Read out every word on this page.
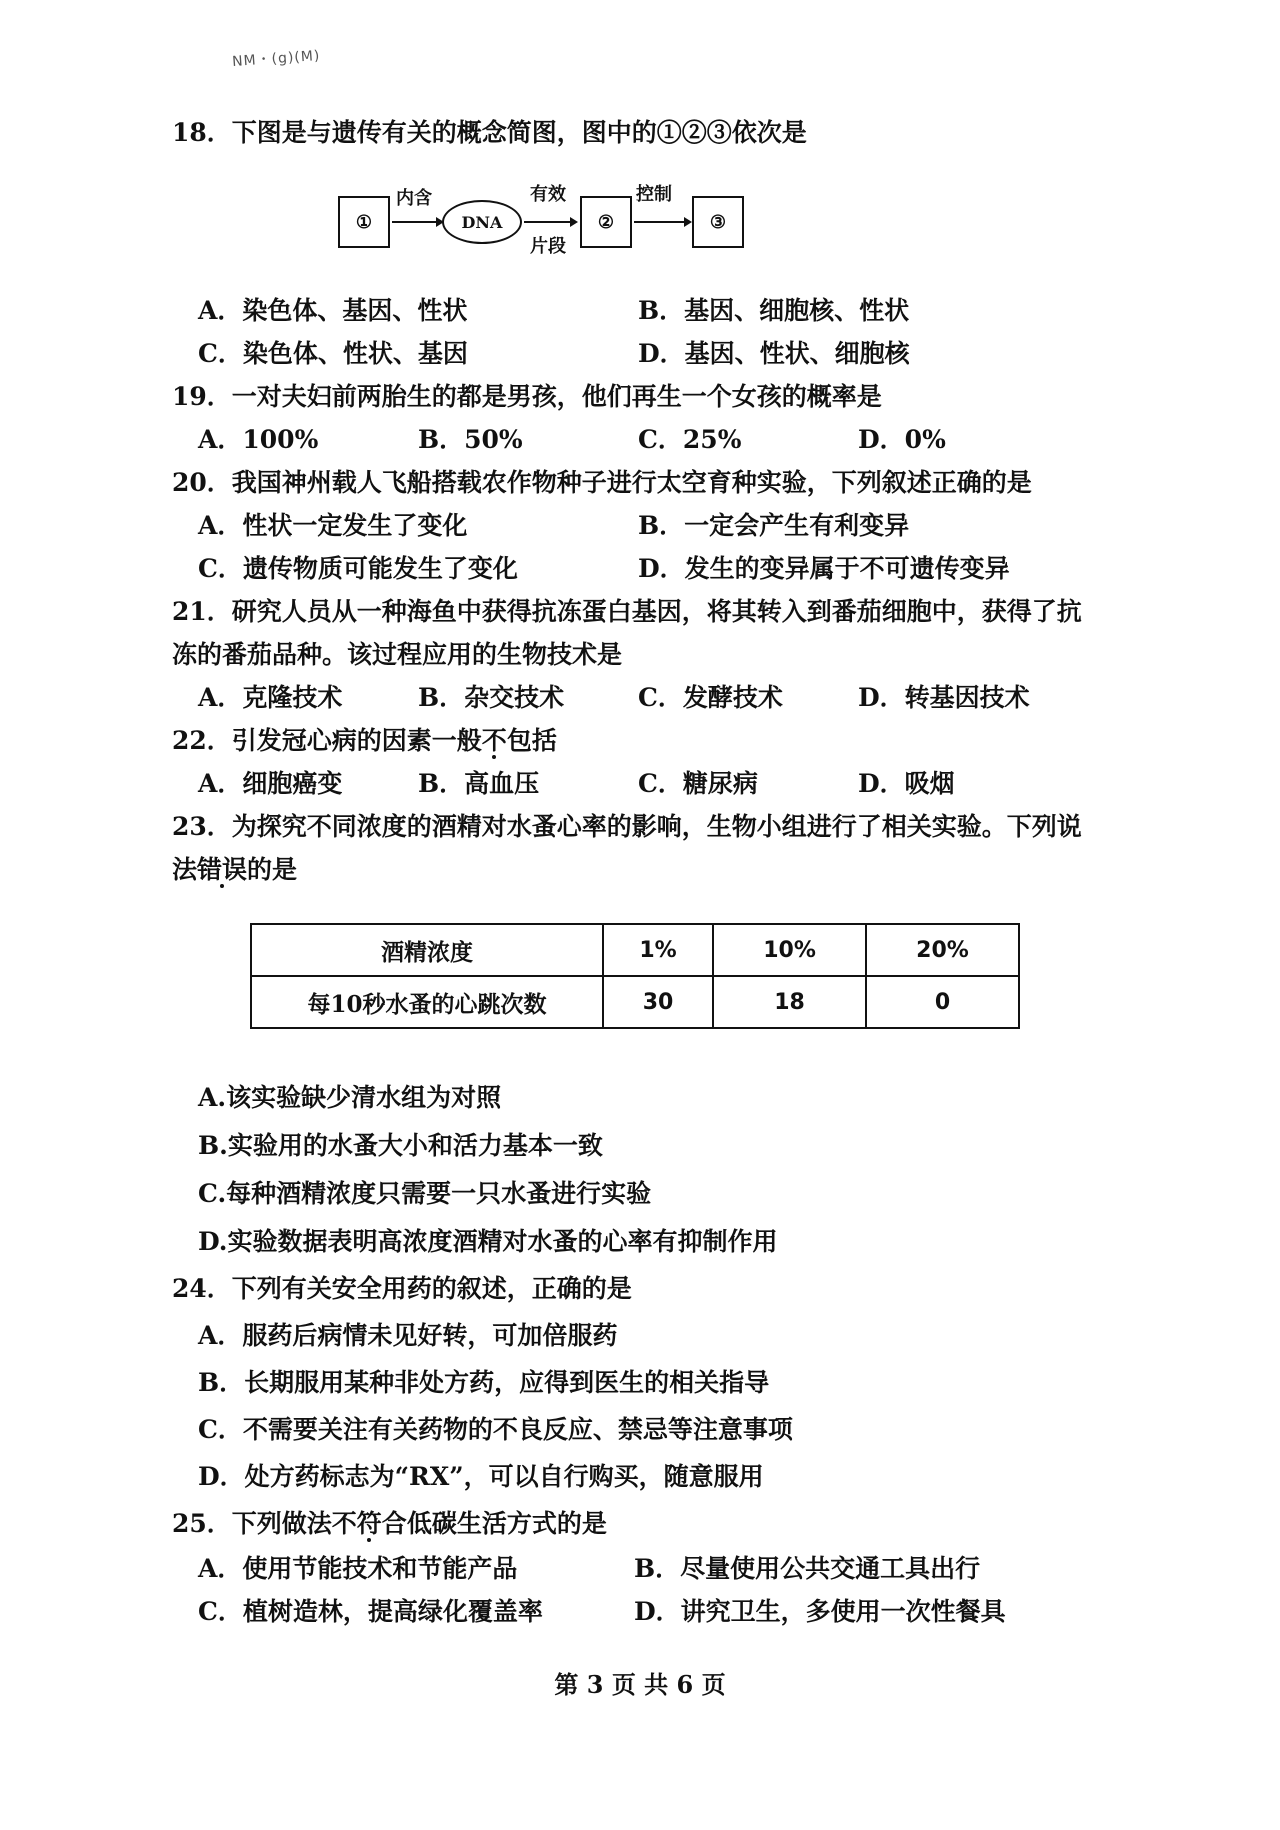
NM・(g)(M)
18．下图是与遗传有关的概念简图，图中的①②③依次是
①
内含
DNA
有效
片段
②
控制
③
A．染色体、基因、性状	B．基因、细胞核、性状
C．染色体、性状、基因	D．基因、性状、细胞核
19．一对夫妇前两胎生的都是男孩，他们再生一个女孩的概率是
A．100%	B．50%	C．25%	D．0%
20．我国神州载人飞船搭载农作物种子进行太空育种实验，下列叙述正确的是
A．性状一定发生了变化	B．一定会产生有利变异
C．遗传物质可能发生了变化	D．发生的变异属于不可遗传变异
21．研究人员从一种海鱼中获得抗冻蛋白基因，将其转入到番茄细胞中，获得了抗
冻的番茄品种。该过程应用的生物技术是
A．克隆技术	B．杂交技术	C．发酵技术	D．转基因技术
22．引发冠心病的因素一般不包括
A．细胞癌变	B．高血压	C．糖尿病	D．吸烟
23．为探究不同浓度的酒精对水蚤心率的影响，生物小组进行了相关实验。下列说
法错误的是
酒精浓度	1%	10%	20%
每10秒水蚤的心跳次数	30	18	0
A.该实验缺少清水组为对照
B.实验用的水蚤大小和活力基本一致
C.每种酒精浓度只需要一只水蚤进行实验
D.实验数据表明高浓度酒精对水蚤的心率有抑制作用
24．下列有关安全用药的叙述，正确的是
A．服药后病情未见好转，可加倍服药
B．长期服用某种非处方药，应得到医生的相关指导
C．不需要关注有关药物的不良反应、禁忌等注意事项
D．处方药标志为“RX”，可以自行购买，随意服用
25．下列做法不符合低碳生活方式的是
A．使用节能技术和节能产品	B．尽量使用公共交通工具出行
C．植树造林，提高绿化覆盖率	D．讲究卫生，多使用一次性餐具
第 3 页 共 6 页
